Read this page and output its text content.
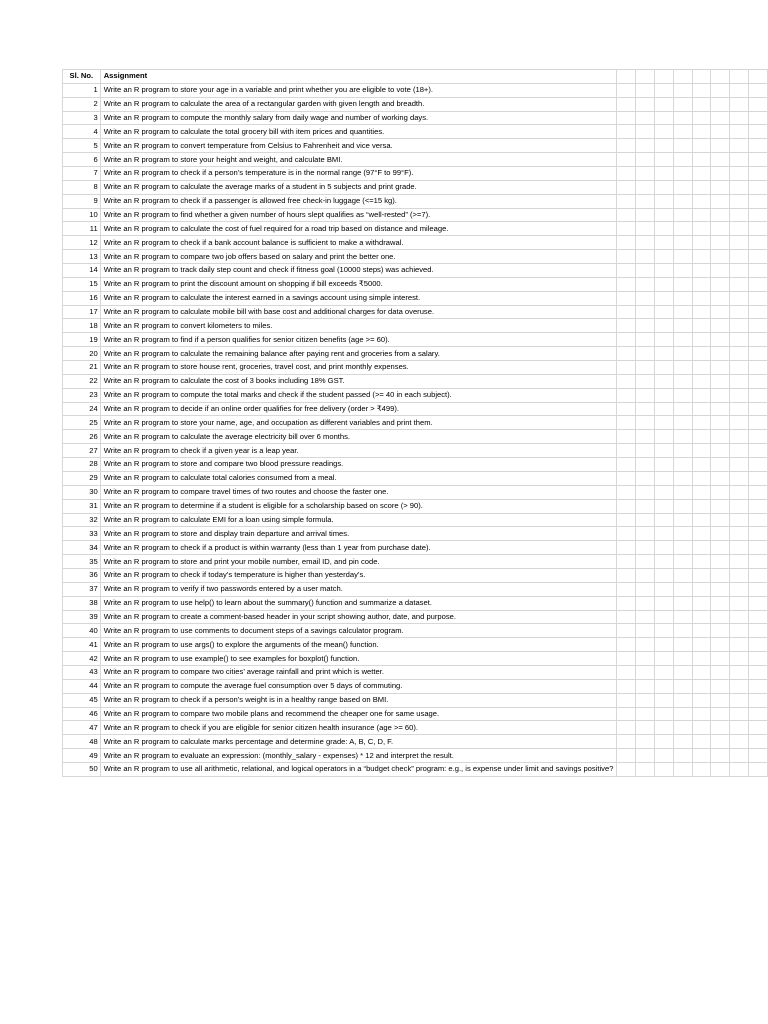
Sl. No.	Assignment								
1	Write an R program to store your age in a variable and print whether you are eligible to vote (18+).								
2	Write an R program to calculate the area of a rectangular garden with given length and breadth.								
3	Write an R program to compute the monthly salary from daily wage and number of working days.								
4	Write an R program to calculate the total grocery bill with item prices and quantities.								
5	Write an R program to convert temperature from Celsius to Fahrenheit and vice versa.								
6	Write an R program to store your height and weight, and calculate BMI.								
7	Write an R program to check if a person’s temperature is in the normal range (97°F to 99°F).								
8	Write an R program to calculate the average marks of a student in 5 subjects and print grade.								
9	Write an R program to check if a passenger is allowed free check-in luggage (<=15 kg).								
10	Write an R program to find whether a given number of hours slept qualifies as “well-rested” (>=7).								
11	Write an R program to calculate the cost of fuel required for a road trip based on distance and mileage.								
12	Write an R program to check if a bank account balance is sufficient to make a withdrawal.								
13	Write an R program to compare two job offers based on salary and print the better one.								
14	Write an R program to track daily step count and check if fitness goal (10000 steps) was achieved.								
15	Write an R program to print the discount amount on shopping if bill exceeds ₹5000.								
16	Write an R program to calculate the interest earned in a savings account using simple interest.								
17	Write an R program to calculate mobile bill with base cost and additional charges for data overuse.								
18	Write an R program to convert kilometers to miles.								
19	Write an R program to find if a person qualifies for senior citizen benefits (age >= 60).								
20	Write an R program to calculate the remaining balance after paying rent and groceries from a salary.								
21	Write an R program to store house rent, groceries, travel cost, and print monthly expenses.								
22	Write an R program to calculate the cost of 3 books including 18% GST.								
23	Write an R program to compute the total marks and check if the student passed (>= 40 in each subject).								
24	Write an R program to decide if an online order qualifies for free delivery (order > ₹499).								
25	Write an R program to store your name, age, and occupation as different variables and print them.								
26	Write an R program to calculate the average electricity bill over 6 months.								
27	Write an R program to check if a given year is a leap year.								
28	Write an R program to store and compare two blood pressure readings.								
29	Write an R program to calculate total calories consumed from a meal.								
30	Write an R program to compare travel times of two routes and choose the faster one.								
31	Write an R program to determine if a student is eligible for a scholarship based on score (> 90).								
32	Write an R program to calculate EMI for a loan using simple formula.								
33	Write an R program to store and display train departure and arrival times.								
34	Write an R program to check if a product is within warranty (less than 1 year from purchase date).								
35	Write an R program to store and print your mobile number, email ID, and pin code.								
36	Write an R program to check if today’s temperature is higher than yesterday’s.								
37	Write an R program to verify if two passwords entered by a user match.								
38	Write an R program to use help() to learn about the summary() function and summarize a dataset.								
39	Write an R program to create a comment-based header in your script showing author, date, and purpose.								
40	Write an R program to use comments to document steps of a savings calculator program.								
41	Write an R program to use args() to explore the arguments of the mean() function.								
42	Write an R program to use example() to see examples for boxplot() function.								
43	Write an R program to compare two cities’ average rainfall and print which is wetter.								
44	Write an R program to compute the average fuel consumption over 5 days of commuting.								
45	Write an R program to check if a person’s weight is in a healthy range based on BMI.								
46	Write an R program to compare two mobile plans and recommend the cheaper one for same usage.								
47	Write an R program to check if you are eligible for senior citizen health insurance (age >= 60).								
48	Write an R program to calculate marks percentage and determine grade: A, B, C, D, F.								
49	Write an R program to evaluate an expression: (monthly_salary - expenses) * 12 and interpret the result.								
50	Write an R program to use all arithmetic, relational, and logical operators in a “budget check” program: e.g., is expense under limit and savings positive?								
